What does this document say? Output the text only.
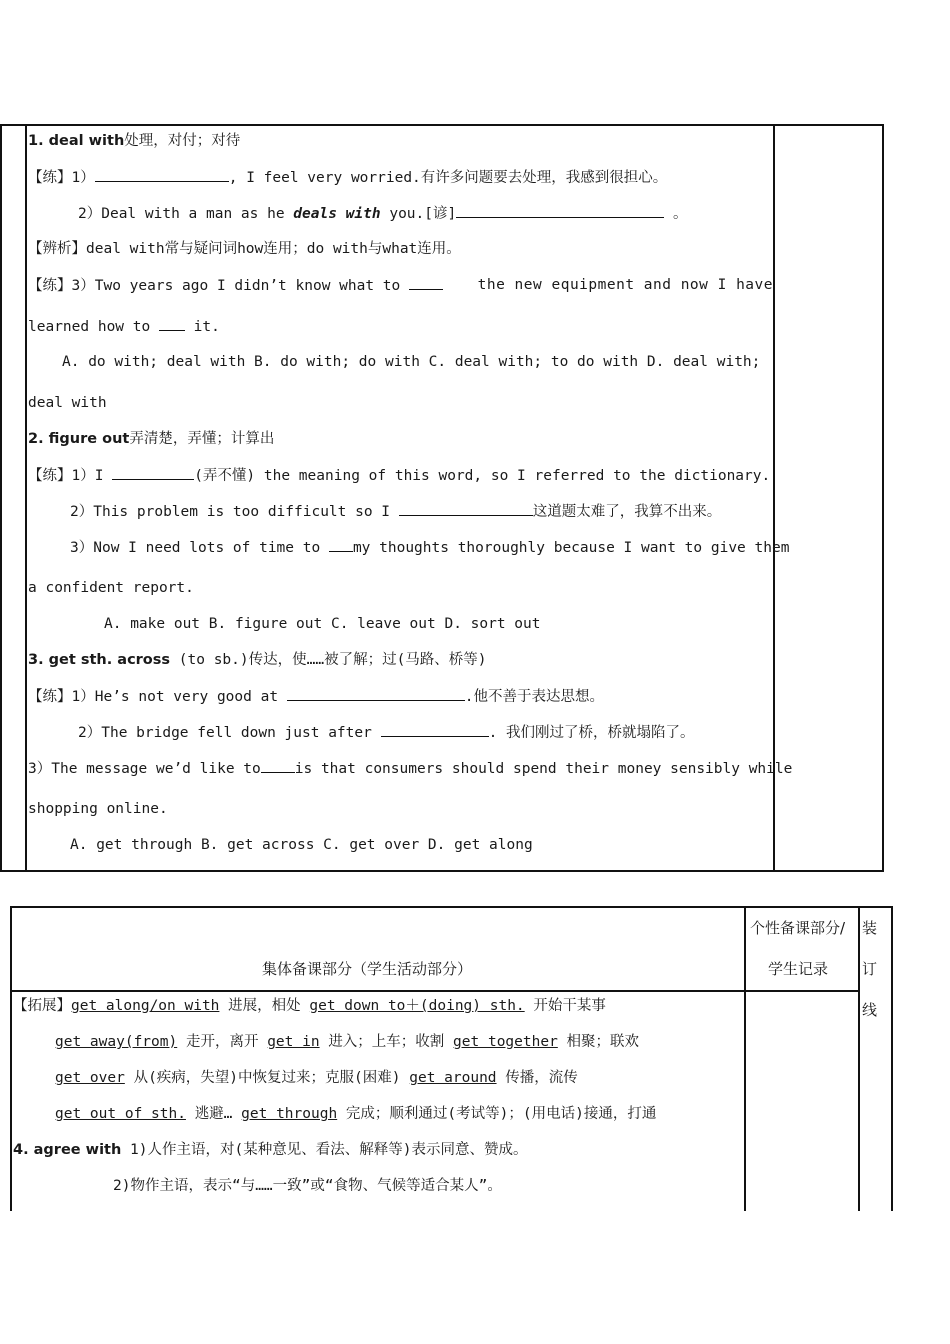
1. deal with处理，对付；对待
【练】1）	, I feel very worried.有许多问题要去处理，我感到很担心。
2）Deal with a man as he deals with you.[谚]	。
【辨析】deal with常与疑问词how连用；do with与what连用。
【练】3）Two years ago I didn’t know what to	the new equipment and now I have
learned how to  it.
A. do with; deal with B. do with; do with C. deal with; to do with D. deal with;
deal with
2. figure out弄清楚，弄懂；计算出
【练】1）I	(弄不懂) the meaning of this word, so I referred to the dictionary.
2）This problem is too difficult so I	这道题太难了，我算不出来。
3）Now I need lots of time to my thoughts thoroughly because I want to give them
a confident report.
A. make out B. figure out C. leave out D. sort out
3. get sth. across (to sb.)传达，使……被了解；过(马路、桥等)
【练】1）He’s not very good at	.他不善于表达思想。
2）The bridge fell down just after	. 我们刚过了桥，桥就塌陷了。
3）The message we’d like to is that consumers should spend their money sensibly while
shopping online.
A. get through B. get across C. get over D. get along
集体备课部分（学生活动部分）
个性备课部分/
学生记录
装
订
线
【拓展】get along/on with 进展，相处 get down to＋(doing) sth. 开始干某事
get away(from) 走开，离开 get in 进入；上车；收割 get together 相聚；联欢
get over 从(疾病，失望)中恢复过来；克服(困难) get around 传播，流传
get out of sth. 逃避… get through 完成；顺利通过(考试等)；(用电话)接通，打通
4. agree with 1)人作主语，对(某种意见、看法、解释等)表示同意、赞成。
2)物作主语，表示“与……一致”或“食物、气候等适合某人”。
